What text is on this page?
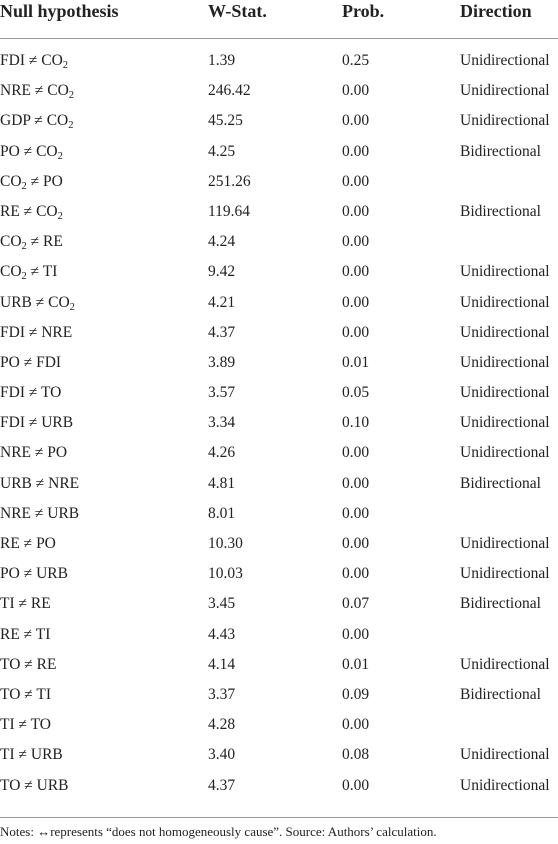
Null hypothesis	W-Stat.	Prob.	Direction
FDI ≠ $CO_2$	1.39	0.25	Unidirectional
NRE ≠ $CO_2$	246.42	0.00	Unidirectional
GDP ≠ $CO_2$	45.25	0.00	Unidirectional
PO ≠ $CO_2$	4.25	0.00	Bidirectional
$CO_2$ ≠ PO	251.26	0.00
RE ≠ $CO_2$	119.64	0.00	Bidirectional
$CO_2$ ≠ RE	4.24	0.00
$CO_2$ ≠ TI	9.42	0.00	Unidirectional
URB ≠ $CO_2$	4.21	0.00	Unidirectional
FDI ≠ NRE	4.37	0.00	Unidirectional
PO ≠ FDI	3.89	0.01	Unidirectional
FDI ≠ TO	3.57	0.05	Unidirectional
FDI ≠ URB	3.34	0.10	Unidirectional
NRE ≠ PO	4.26	0.00	Unidirectional
URB ≠ NRE	4.81	0.00	Bidirectional
NRE ≠ URB	8.01	0.00
RE ≠ PO	10.30	0.00	Unidirectional
PO ≠ URB	10.03	0.00	Unidirectional
TI ≠ RE	3.45	0.07	Bidirectional
RE ≠ TI	4.43	0.00
TO ≠ RE	4.14	0.01	Unidirectional
TO ≠ TI	3.37	0.09	Bidirectional
TI ≠ TO	4.28	0.00
TI ≠ URB	3.40	0.08	Unidirectional
TO ≠ URB	4.37	0.00	Unidirectional
Notes: ↔represents “does not homogeneously cause”. Source: Authors’ calculation.
